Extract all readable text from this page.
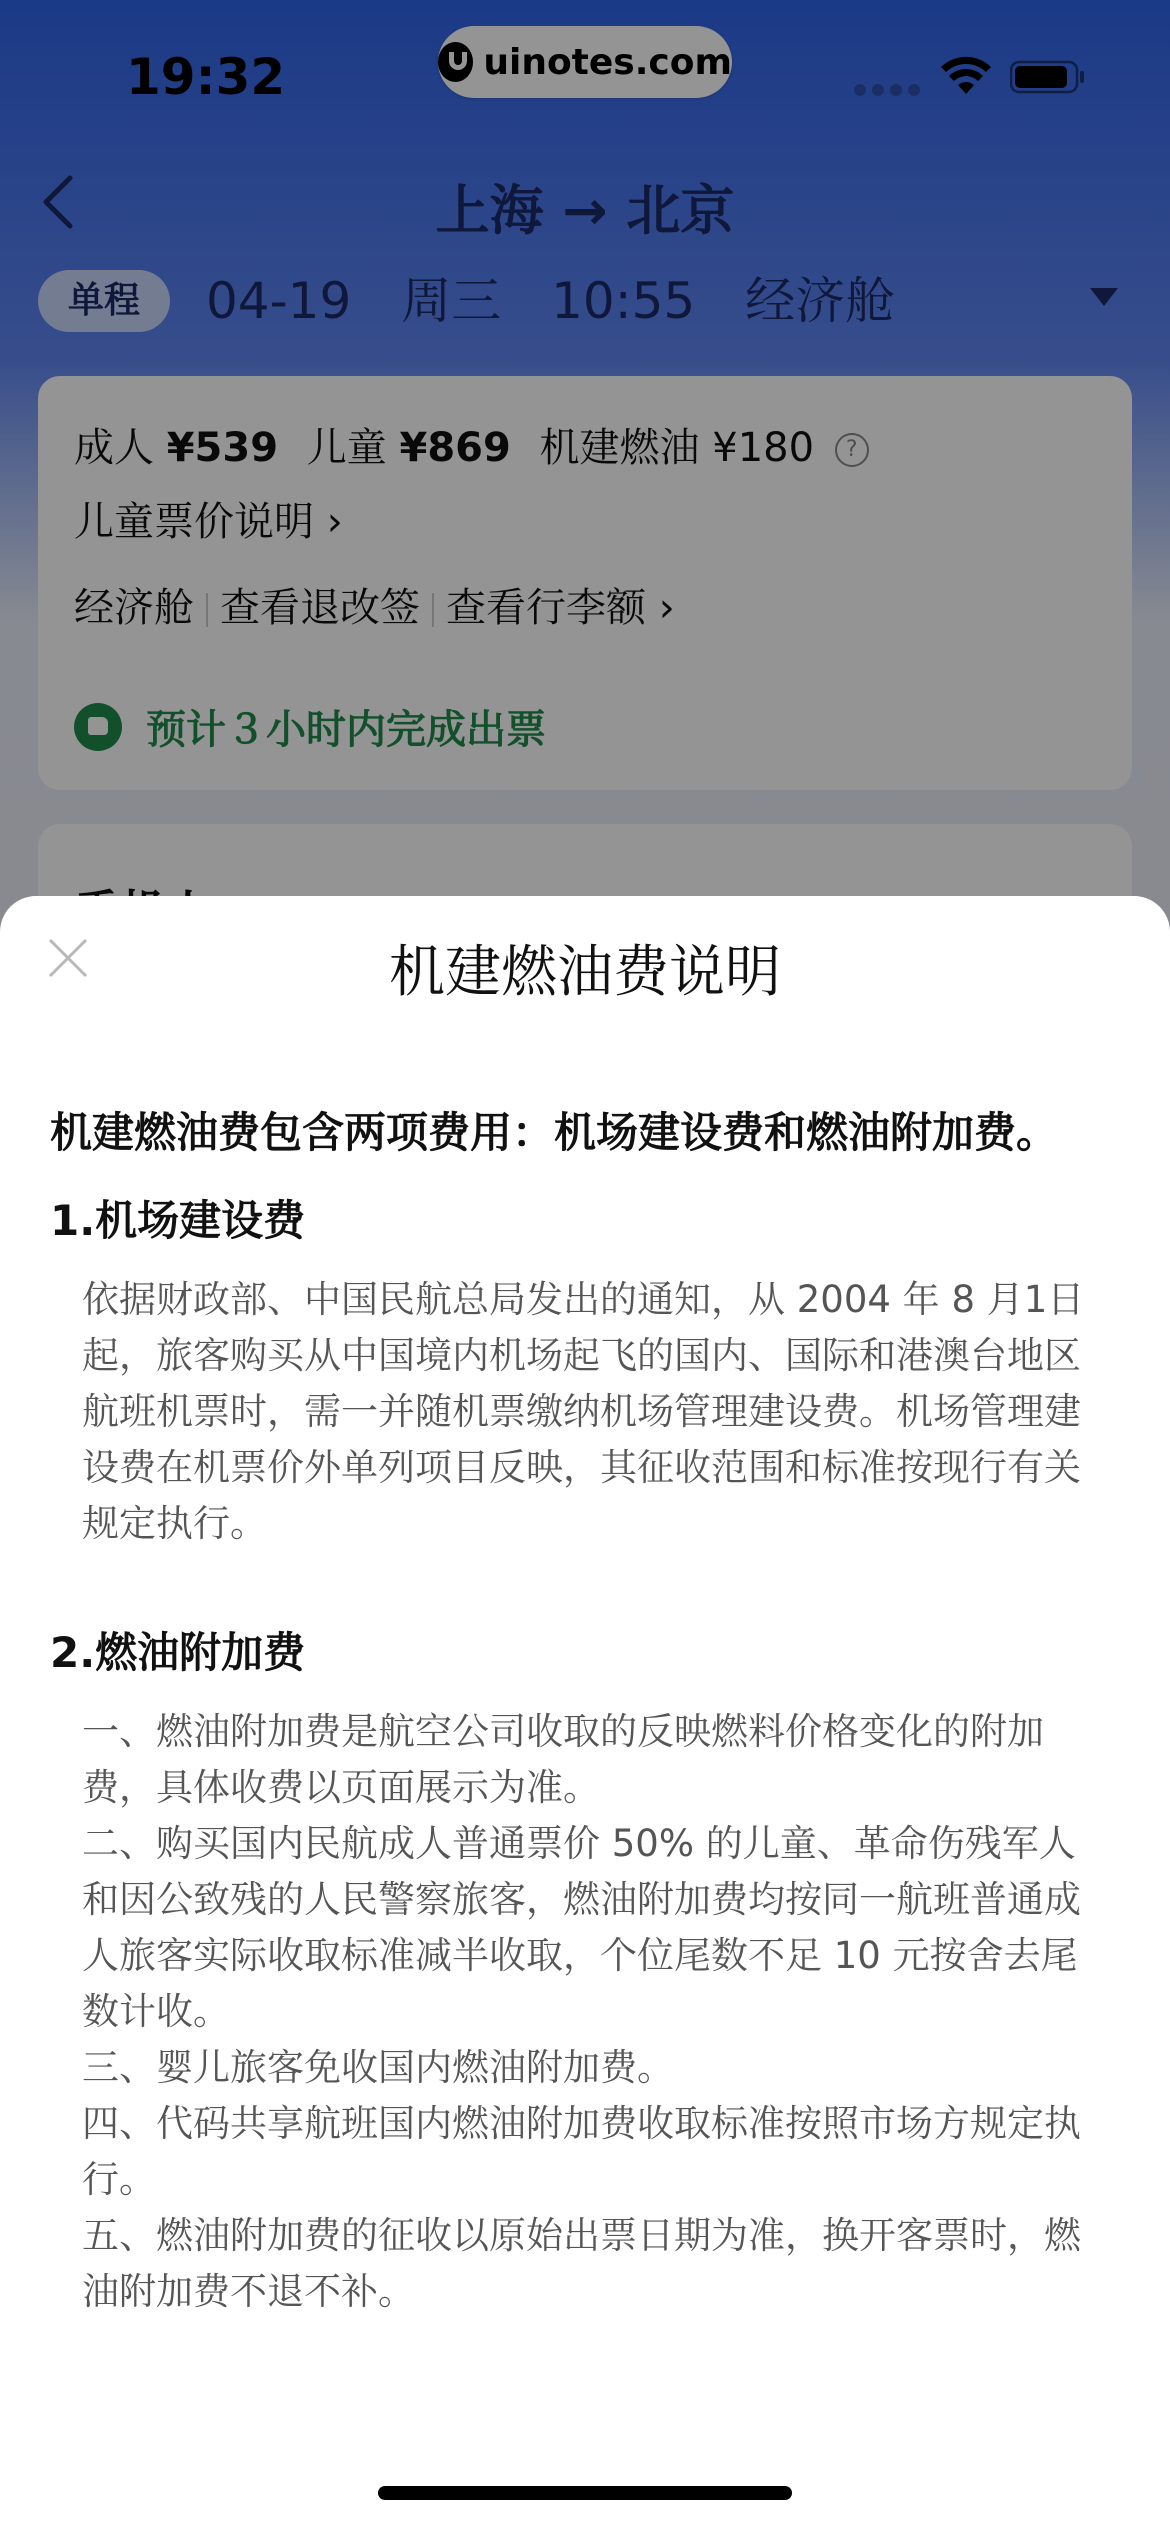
19:32	uinotes.com
上海 → 北京
单程	04-19 周三 10:55 经济舱
成人 ¥539 儿童 ¥869 机建燃油 ¥180 ?
儿童票价说明 ›
经济舱 查看退改签 查看行李额 ›
预计３小时内完成出票
机建燃油费说明
机建燃油费包含两项费用：机场建设费和燃油附加费。
1.机场建设费

依据财政部、中国民航总局发出的通知，从 2004 年 8 月1日起，旅客购买从中国境内机场起飞的国内、国际和港澳台地区航班机票时，需一并随机票缴纳机场管理建设费。机场管理建设费在机票价外单列项目反映，其征收范围和标准按现行有关规定执行。

2.燃油附加费

一、燃油附加费是航空公司收取的反映燃料价格变化的附加费，具体收费以页面展示为准。

二、购买国内民航成人普通票价 50% 的儿童、革命伤残军人和因公致残的人民警察旅客，燃油附加费均按同一航班普通成人旅客实际收取标准减半收取，个位尾数不足 10 元按舍去尾数计收。

三、婴儿旅客免收国内燃油附加费。

四、代码共享航班国内燃油附加费收取标准按照市场方规定执行。

五、燃油附加费的征收以原始出票日期为准，换开客票时，燃油附加费不退不补。
